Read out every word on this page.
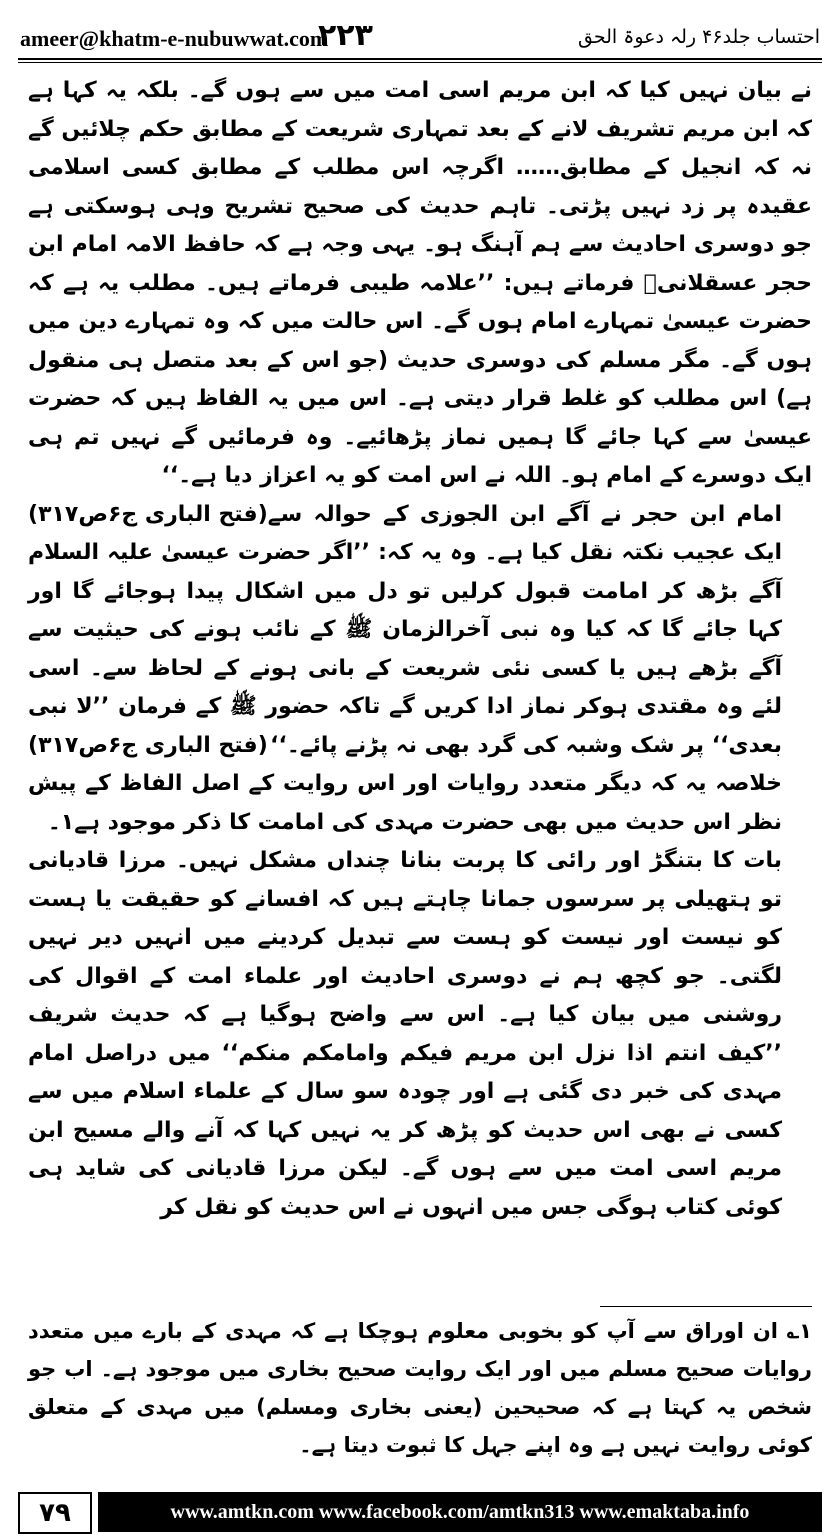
ameer@khatm-e-nubuwwat.com
۲۲۳	احتساب جلد۴۶ رلہ دعوۃ الحق

نے بیان نہیں کیا کہ ابن مریم اسی امت میں سے ہوں گے۔ بلکہ یہ کہا ہے کہ ابن مریم تشریف لانے کے بعد تمہاری شریعت کے مطابق حکم چلائیں گے نہ کہ انجیل کے مطابق…… اگرچہ اس مطلب کے مطابق کسی اسلامی عقیدہ پر زد نہیں پڑتی۔ تاہم حدیث کی صحیح تشریح وہی ہوسکتی ہے جو دوسری احادیث سے ہم آہنگ ہو۔ یہی وجہ ہے کہ حافظ الامہ امام ابن حجر عسقلانیؒ فرماتے ہیں: ’’علامہ طیبی فرماتے ہیں۔ مطلب یہ ہے کہ حضرت عیسیٰ تمہارے امام ہوں گے۔ اس حالت میں کہ وہ تمہارے دین میں ہوں گے۔ مگر مسلم کی دوسری حدیث (جو اس کے بعد متصل ہی منقول ہے) اس مطلب کو غلط قرار دیتی ہے۔ اس میں یہ الفاظ ہیں کہ حضرت عیسیٰ سے کہا جائے گا ہمیں نماز پڑھائیے۔ وہ فرمائیں گے نہیں تم ہی ایک دوسرے کے امام ہو۔ اللہ نے اس امت کو یہ اعزاز دیا ہے۔‘‘
(فتح الباری ج۶ص۳۱۷) امام ابن حجر نے آگے ابن الجوزی کے حوالہ سے ایک عجیب نکتہ نقل کیا ہے۔ وہ یہ کہ: ’’اگر حضرت عیسیٰ علیہ السلام آگے بڑھ کر امامت قبول کرلیں تو دل میں اشکال پیدا ہوجائے گا اور کہا جائے گا کہ کیا وہ نبی آخرالزمان ﷺ کے نائب ہونے کی حیثیت سے آگے بڑھے ہیں یا کسی نئی شریعت کے بانی ہونے کے لحاظ سے۔ اسی لئے وہ مقتدی ہوکر نماز ادا کریں گے تاکہ حضور ﷺ کے فرمان ’’لا نبی بعدی‘‘ پر شک وشبہ کی گرد بھی نہ پڑنے پائے۔‘‘
(فتح الباری ج۶ص۳۱۷)

خلاصہ یہ کہ دیگر متعدد روایات اور اس روایت کے اصل الفاظ کے پیش نظر اس حدیث میں بھی حضرت مہدی کی امامت کا ذکر موجود ہے۱۔

بات کا بتنگڑ اور رائی کا پربت بنانا چنداں مشکل نہیں۔ مرزا قادیانی تو ہتھیلی پر سرسوں جمانا چاہتے ہیں کہ افسانے کو حقیقت یا ہست کو نیست اور نیست کو ہست سے تبدیل کردینے میں انہیں دیر نہیں لگتی۔ جو کچھ ہم نے دوسری احادیث اور علماء امت کے اقوال کی روشنی میں بیان کیا ہے۔ اس سے واضح ہوگیا ہے کہ حدیث شریف ’’کیف انتم اذا نزل ابن مریم فیکم وامامکم منکم‘‘ میں دراصل امام مہدی کی خبر دی گئی ہے اور چودہ سو سال کے علماء اسلام میں سے کسی نے بھی اس حدیث کو پڑھ کر یہ نہیں کہا کہ آنے والے مسیح ابن مریم اسی امت میں سے ہوں گے۔ لیکن مرزا قادیانی کی شاید ہی کوئی کتاب ہوگی جس میں انہوں نے اس حدیث کو نقل کر

۱؎ ان اوراق سے آپ کو بخوبی معلوم ہوچکا ہے کہ مہدی کے بارے میں متعدد روایات صحیح مسلم میں اور ایک روایت صحیح بخاری میں موجود ہے۔ اب جو شخص یہ کہتا ہے کہ صحیحین (یعنی بخاری ومسلم) میں مہدی کے متعلق کوئی روایت نہیں ہے وہ اپنے جہل کا ثبوت دیتا ہے۔

۷۹	www.amtkn.com www.facebook.com/amtkn313 www.emaktaba.info
